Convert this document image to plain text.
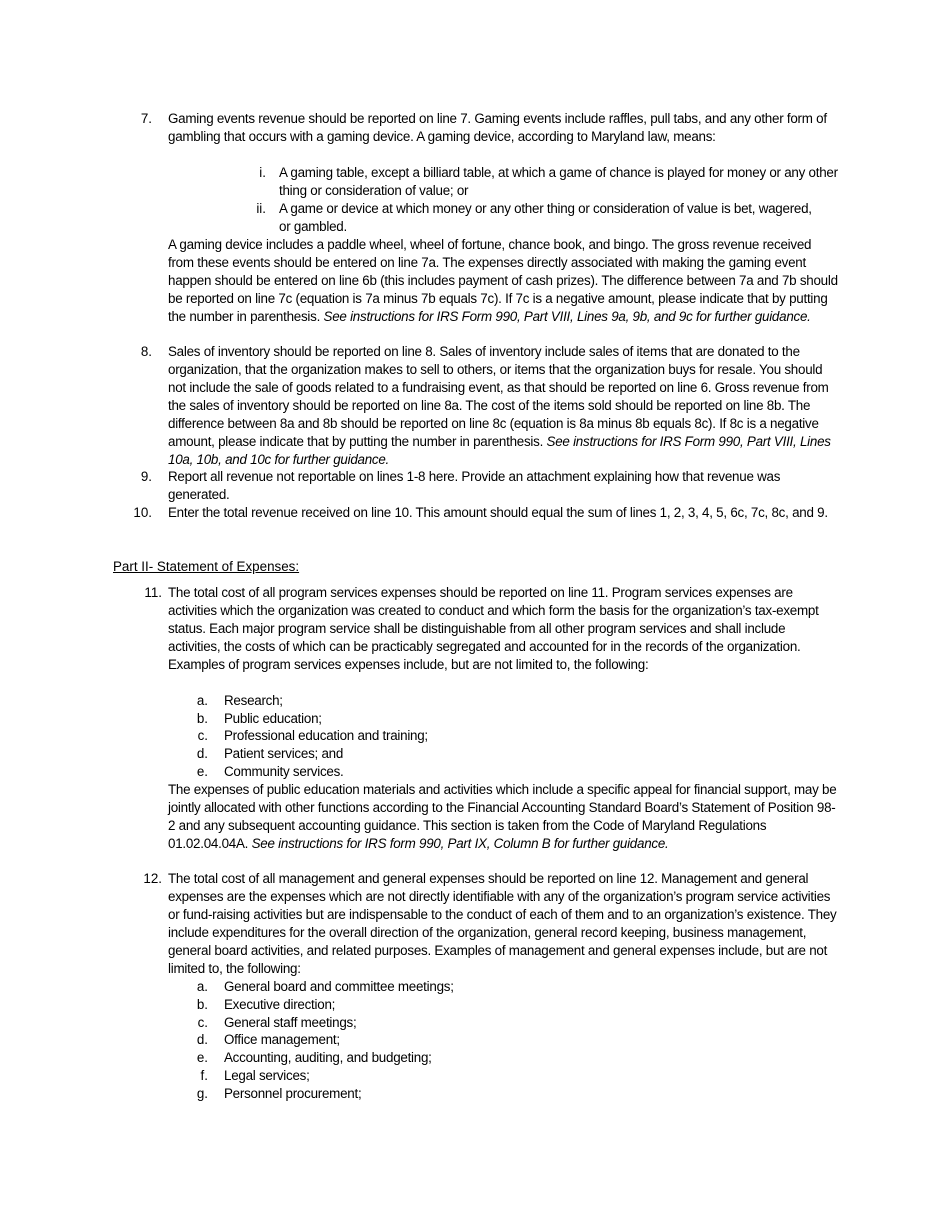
7. Gaming events revenue should be reported on line 7. Gaming events include raffles, pull tabs, and any other form of gambling that occurs with a gaming device. A gaming device, according to Maryland law, means:
i. A gaming table, except a billiard table, at which a game of chance is played for money or any other thing or consideration of value; or
ii. A game or device at which money or any other thing or consideration of value is bet, wagered, or gambled.
A gaming device includes a paddle wheel, wheel of fortune, chance book, and bingo. The gross revenue received from these events should be entered on line 7a. The expenses directly associated with making the gaming event happen should be entered on line 6b (this includes payment of cash prizes). The difference between 7a and 7b should be reported on line 7c (equation is 7a minus 7b equals 7c). If 7c is a negative amount, please indicate that by putting the number in parenthesis. See instructions for IRS Form 990, Part VIII, Lines 9a, 9b, and 9c for further guidance.
8. Sales of inventory should be reported on line 8. Sales of inventory include sales of items that are donated to the organization, that the organization makes to sell to others, or items that the organization buys for resale. You should not include the sale of goods related to a fundraising event, as that should be reported on line 6. Gross revenue from the sales of inventory should be reported on line 8a. The cost of the items sold should be reported on line 8b. The difference between 8a and 8b should be reported on line 8c (equation is 8a minus 8b equals 8c). If 8c is a negative amount, please indicate that by putting the number in parenthesis. See instructions for IRS Form 990, Part VIII, Lines 10a, 10b, and 10c for further guidance.
9. Report all revenue not reportable on lines 1-8 here. Provide an attachment explaining how that revenue was generated.
10. Enter the total revenue received on line 10. This amount should equal the sum of lines 1, 2, 3, 4, 5, 6c, 7c, 8c, and 9.
Part II- Statement of Expenses:
11. The total cost of all program services expenses should be reported on line 11. Program services expenses are activities which the organization was created to conduct and which form the basis for the organization’s tax-exempt status. Each major program service shall be distinguishable from all other program services and shall include activities, the costs of which can be practicably segregated and accounted for in the records of the organization. Examples of program services expenses include, but are not limited to, the following:
a. Research;
b. Public education;
c. Professional education and training;
d. Patient services; and
e. Community services.
The expenses of public education materials and activities which include a specific appeal for financial support, may be jointly allocated with other functions according to the Financial Accounting Standard Board’s Statement of Position 98-2 and any subsequent accounting guidance. This section is taken from the Code of Maryland Regulations 01.02.04.04A. See instructions for IRS form 990, Part IX, Column B for further guidance.
12. The total cost of all management and general expenses should be reported on line 12. Management and general expenses are the expenses which are not directly identifiable with any of the organization’s program service activities or fund-raising activities but are indispensable to the conduct of each of them and to an organization’s existence. They include expenditures for the overall direction of the organization, general record keeping, business management, general board activities, and related purposes. Examples of management and general expenses include, but are not limited to, the following:
a. General board and committee meetings;
b. Executive direction;
c. General staff meetings;
d. Office management;
e. Accounting, auditing, and budgeting;
f. Legal services;
g. Personnel procurement;
